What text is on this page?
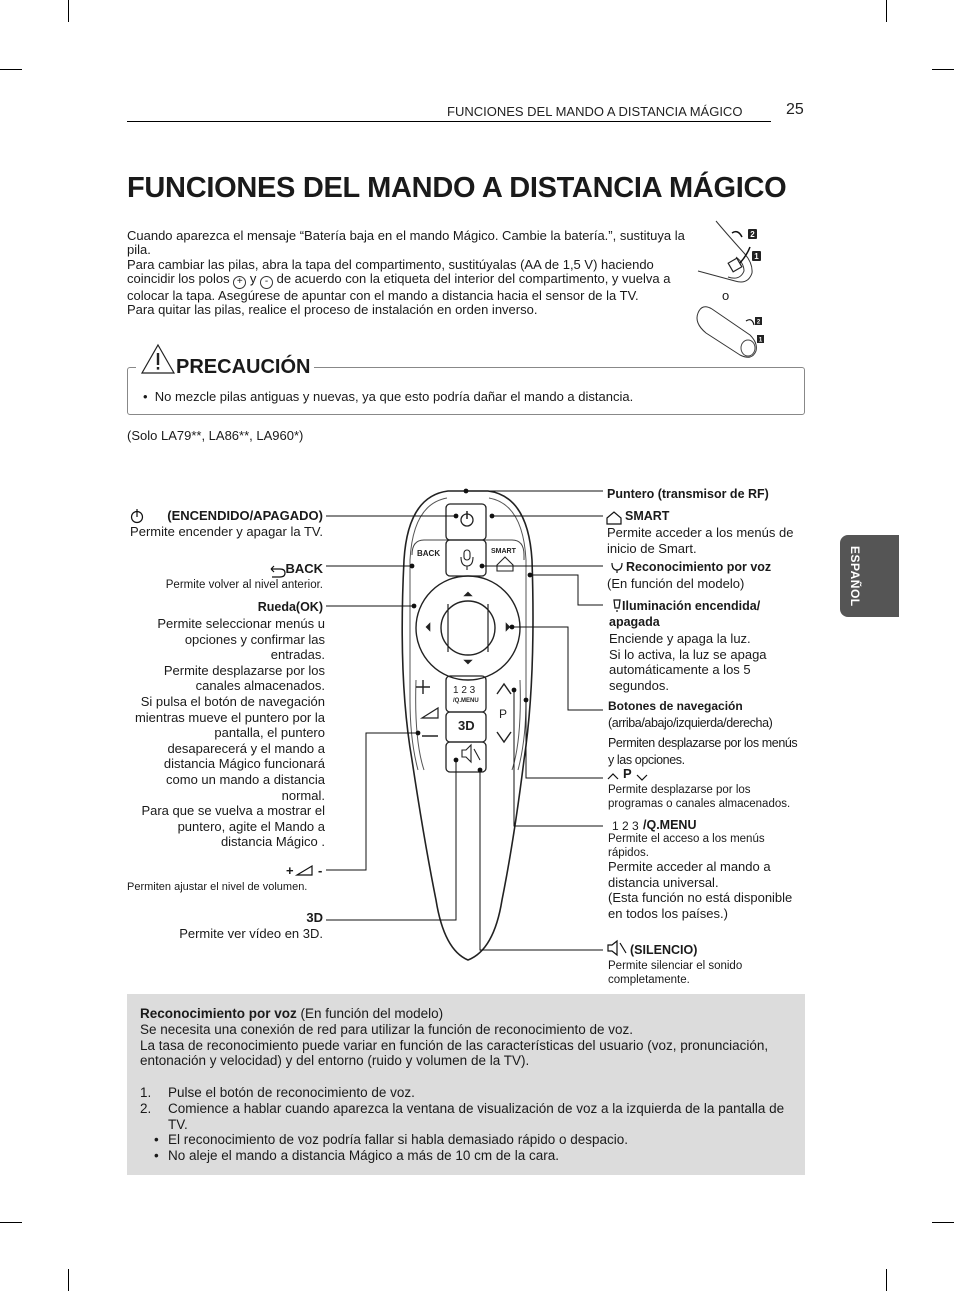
FUNCIONES DEL MANDO A DISTANCIA MÁGICO	25
FUNCIONES DEL MANDO A DISTANCIA MÁGICO

Cuando aparezca el mensaje “Batería baja en el mando Mágico. Cambie la batería.”, sustituya la pila.

Para cambiar las pilas, abra la tapa del compartimento, sustitúyalas (AA de 1,5 V) haciendo coincidir los polos + y - de acuerdo con la etiqueta del interior del compartimento, y vuelva a colocar la tapa. Asegúrese de apuntar con el mando a distancia hacia el sensor de la TV.

Para quitar las pilas, realice el proceso de instalación en orden inverso.

2
1
2
1
o
PRECAUCIÓN
•  No mezcle pilas antiguas y nuevas, ya que esto podría dañar el mando a distancia.
(Solo LA79**, LA86**, LA960*)
ESPAÑOL
BACK	SMART
1 2 3
/Q.MENU
3D
P
(ENCENDIDO/APAGADO)
Permite encender y apagar la TV.
BACK
Permite volver al nivel anterior.
Rueda(OK)
Permite seleccionar menús u opciones y confirmar las entradas.
Permite desplazarse por los canales almacenados.
Si pulsa el botón de navegación mientras mueve el puntero por la pantalla, el puntero desaparecerá y el mando a distancia Mágico funcionará como un mando a distancia normal.
Para que se vuelva a mostrar el puntero, agite el Mando a distancia Mágico .
+ -
Permiten ajustar el nivel de volumen.
3D
Permite ver vídeo en 3D.
Puntero (transmisor de RF)
SMART
Permite acceder a los menús de inicio de Smart.
Reconocimiento por voz
(En función del modelo)
Iluminación encendida/ apagada
Enciende y apaga la luz.
Si lo activa, la luz se apaga automáticamente a los 5 segundos.
Botones de navegación
(arriba/abajo/izquierda/derecha)
Permiten desplazarse por los menús y las opciones.
P
Permite desplazarse por los programas o canales almacenados.
1 2 3 /Q.MENU
Permite el acceso a los menús rápidos.
Permite acceder al mando a distancia universal.
(Esta función no está disponible en todos los países.)
(SILENCIO)
Permite silenciar el sonido completamente.

Reconocimiento por voz (En función del modelo)

Se necesita una conexión de red para utilizar la función de reconocimiento de voz.

La tasa de reconocimiento puede variar en función de las características del usuario (voz, pronunciación, entonación y velocidad) y del entorno (ruido y volumen de la TV).

1.	Pulse el botón de reconocimiento de voz.
2.	Comience a hablar cuando aparezca la ventana de visualización de voz a la izquierda de la pantalla de TV.
• El reconocimiento de voz podría fallar si habla demasiado rápido o despacio.
• No aleje el mando a distancia Mágico a más de 10 cm de la cara.
